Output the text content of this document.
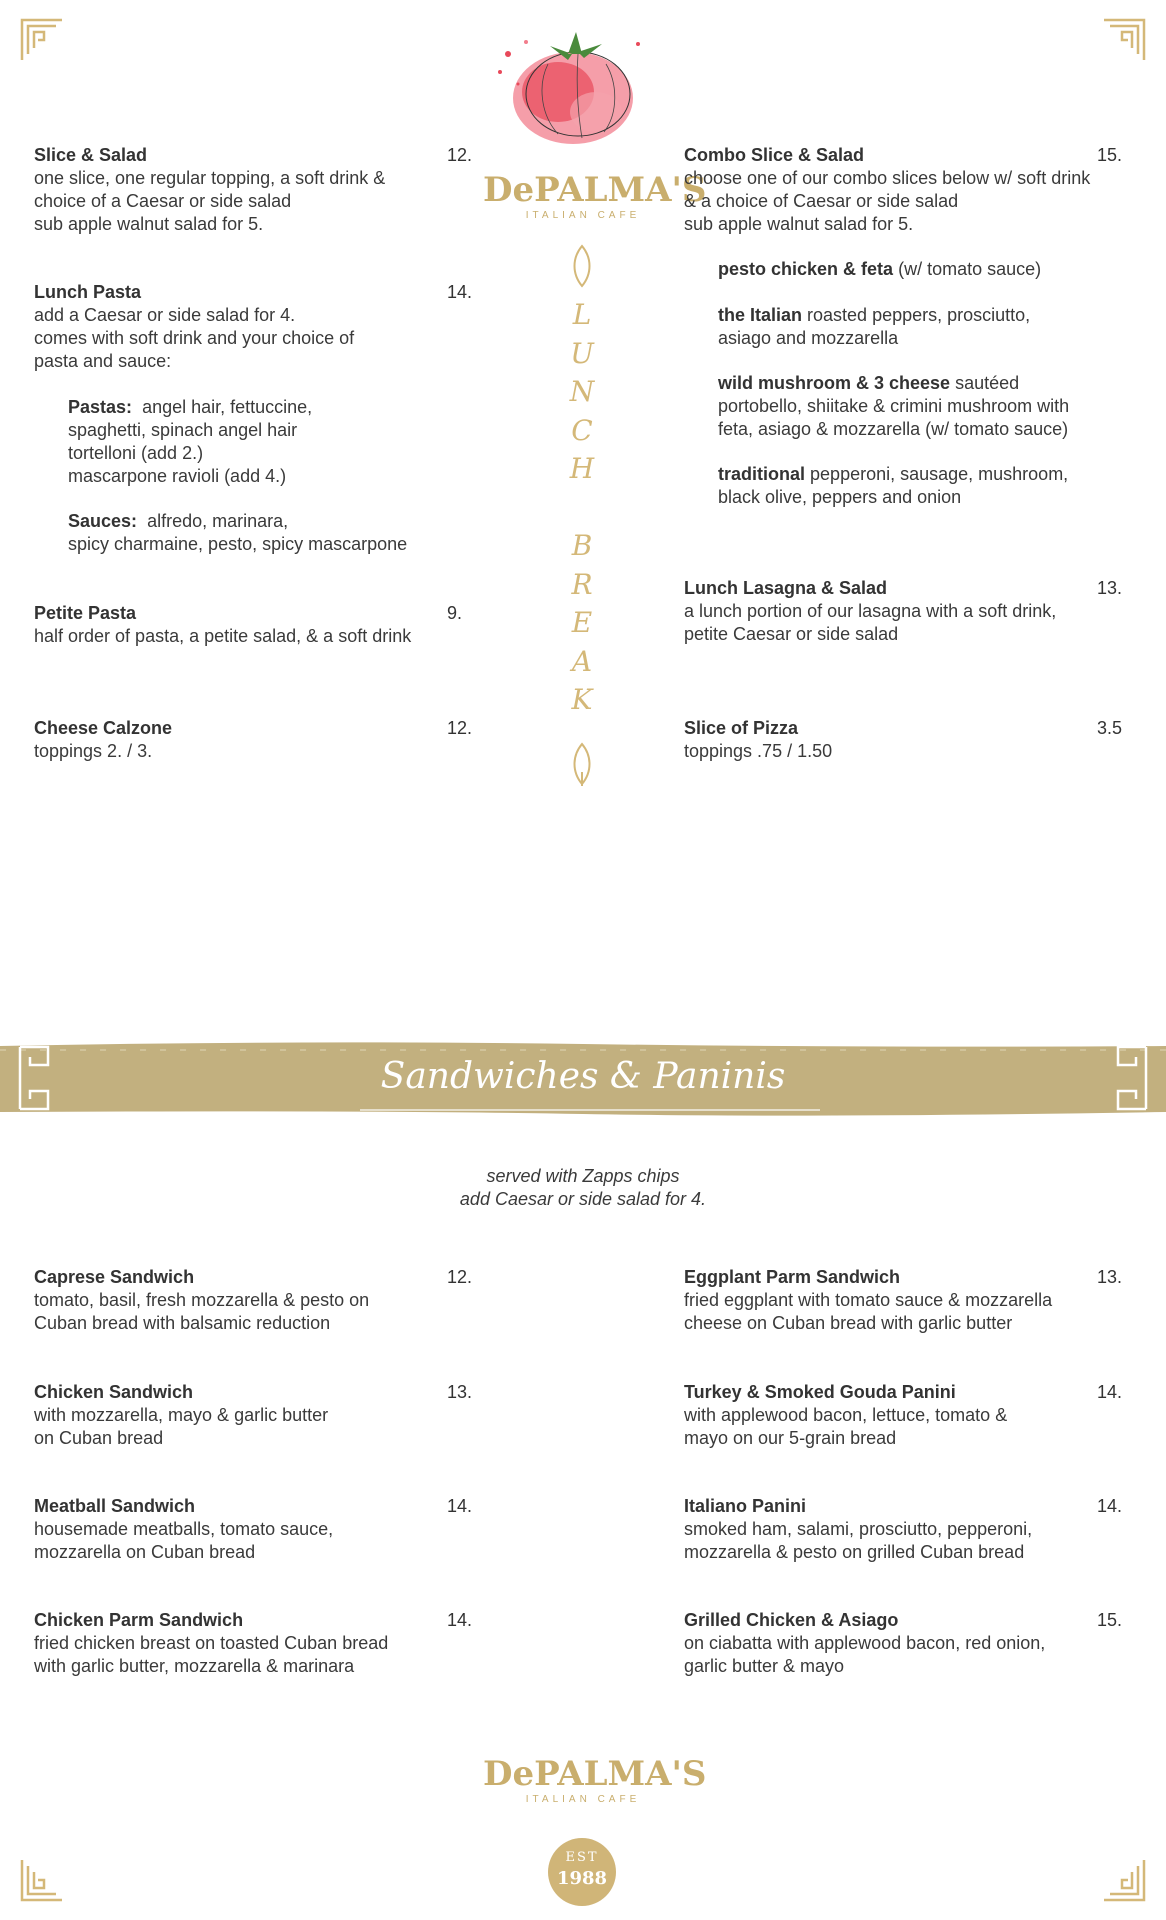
DePALMA'S
ITALIAN CAFE
L
U
N
C
H
B
R
E
A
K
Slice & Salad	12.
one slice, one regular topping, a soft drink &
choice of a Caesar or side salad
sub apple walnut salad for 5.
Lunch Pasta	14.
add a Caesar or side salad for 4.
comes with soft drink and your choice of
pasta and sauce:
Pastas: angel hair, fettuccine,
spaghetti, spinach angel hair
tortelloni (add 2.)
mascarpone ravioli (add 4.)
Sauces: alfredo, marinara,
spicy charmaine, pesto, spicy mascarpone
Petite Pasta	9.
half order of pasta, a petite salad, & a soft drink
Cheese Calzone	12.
toppings 2. / 3.
Combo Slice & Salad	15.
choose one of our combo slices below w/ soft drink
& a choice of Caesar or side salad
sub apple walnut salad for 5.
pesto chicken & feta (w/ tomato sauce)
the Italian roasted peppers, prosciutto,
asiago and mozzarella
wild mushroom & 3 cheese sautéed
portobello, shiitake & crimini mushroom with
feta, asiago & mozzarella (w/ tomato sauce)
traditional pepperoni, sausage, mushroom,
black olive, peppers and onion
Lunch Lasagna & Salad	13.
a lunch portion of our lasagna with a soft drink,
petite Caesar or side salad
Slice of Pizza	3.5
toppings .75 / 1.50
Sandwiches & Paninis
served with Zapps chips
add Caesar or side salad for 4.
Caprese Sandwich	12.
tomato, basil, fresh mozzarella & pesto on
Cuban bread with balsamic reduction
Chicken Sandwich	13.
with mozzarella, mayo & garlic butter
on Cuban bread
Meatball Sandwich	14.
housemade meatballs, tomato sauce,
mozzarella on Cuban bread
Chicken Parm Sandwich	14.
fried chicken breast on toasted Cuban bread
with garlic butter, mozzarella & marinara
Eggplant Parm Sandwich	13.
fried eggplant with tomato sauce & mozzarella
cheese on Cuban bread with garlic butter
Turkey & Smoked Gouda Panini	14.
with applewood bacon, lettuce, tomato &
mayo on our 5-grain bread
Italiano Panini	14.
smoked ham, salami, prosciutto, pepperoni,
mozzarella & pesto on grilled Cuban bread
Grilled Chicken & Asiago	15.
on ciabatta with applewood bacon, red onion,
garlic butter & mayo
DePALMA'S
ITALIAN CAFE
EST
1988
